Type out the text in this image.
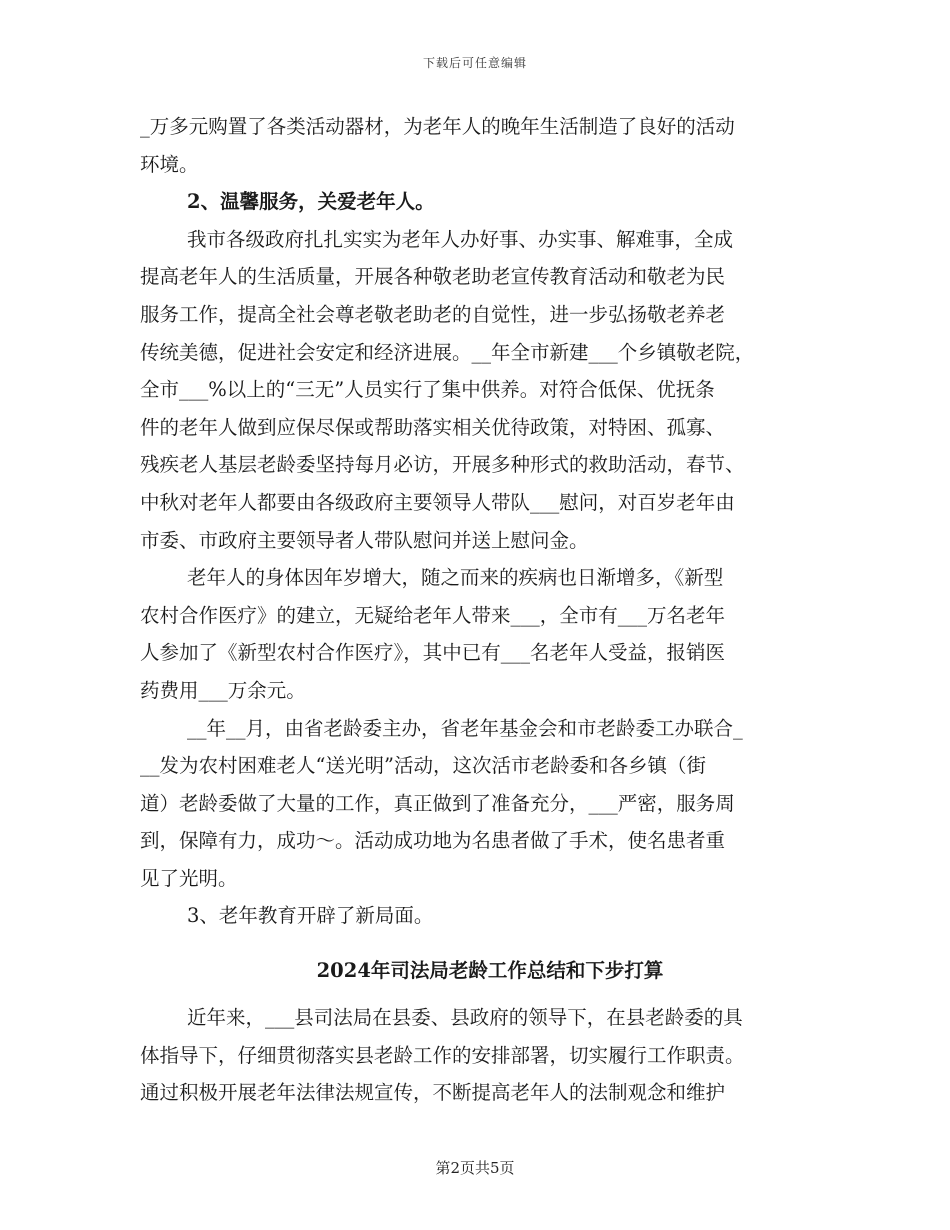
下载后可任意编辑
_万多元购置了各类活动器材，为老年人的晚年生活制造了良好的活动
环境。
2、温馨服务，关爱老年人。
我市各级政府扎扎实实为老年人办好事、办实事、解难事，全成
提高老年人的生活质量，开展各种敬老助老宣传教育活动和敬老为民
服务工作，提高全社会尊老敬老助老的自觉性，进一步弘扬敬老养老
传统美德，促进社会安定和经济进展。__年全市新建___个乡镇敬老院，
全市___%以上的“三无”人员实行了集中供养。对符合低保、优抚条
件的老年人做到应保尽保或帮助落实相关优待政策，对特困、孤寡、
残疾老人基层老龄委坚持每月必访，开展多种形式的救助活动，春节、
中秋对老年人都要由各级政府主要领导人带队___慰问，对百岁老年由
市委、市政府主要领导者人带队慰问并送上慰问金。
老年人的身体因年岁增大，随之而来的疾病也日渐增多，《新型
农村合作医疗》的建立，无疑给老年人带来___，全市有___万名老年
人参加了《新型农村合作医疗》，其中已有___名老年人受益，报销医
药费用___万余元。
__年__月，由省老龄委主办，省老年基金会和市老龄委工办联合_
__发为农村困难老人“送光明”活动，这次活市老龄委和各乡镇（街
道）老龄委做了大量的工作，真正做到了准备充分，___严密，服务周
到，保障有力，成功～。活动成功地为名患者做了手术，使名患者重
见了光明。
3、老年教育开辟了新局面。
2024年司法局老龄工作总结和下步打算
近年来，___县司法局在县委、县政府的领导下，在县老龄委的具
体指导下，仔细贯彻落实县老龄工作的安排部署，切实履行工作职责。
通过积极开展老年法律法规宣传，不断提高老年人的法制观念和维护
第2页共5页
